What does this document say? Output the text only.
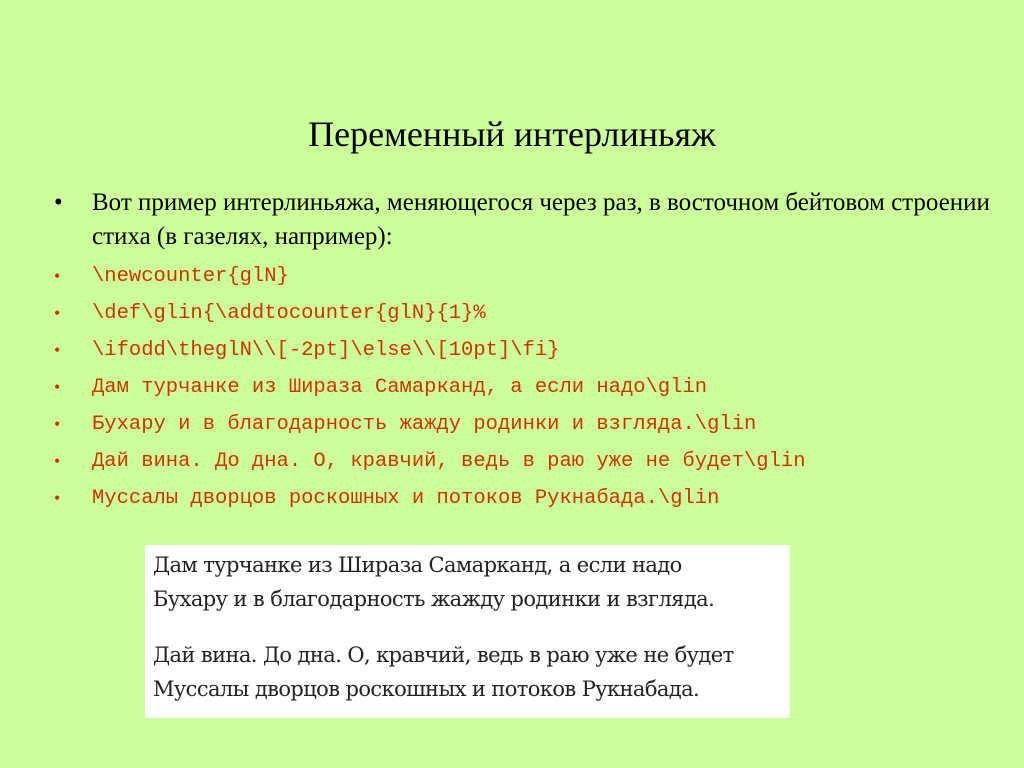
Переменный интерлиньяж
• Вот пример интерлиньяжа, меняющегося через раз, в восточном бейтовом строении стиха (в газелях, например):
• \newcounter{glN}
• \def\glin{\addtocounter{glN}{1}%
• \ifodd\theglN\\[-2pt]\else\\[10pt]\fi}
• Дам турчанке из Шираза Самарканд, а если надо\glin
• Бухару и в благодарность жажду родинки и взгляда.\glin
• Дай вина. До дна. О, кравчий, ведь в раю уже не будет\glin
• Муссалы дворцов роскошных и потоков Рукнабада.\glin
Дам турчанке из Шираза Самарканд, а если надо
Бухару и в благодарность жажду родинки и взгляда.
Дай вина. До дна. О, кравчий, ведь в раю уже не будет
Муссалы дворцов роскошных и потоков Рукнабада.
